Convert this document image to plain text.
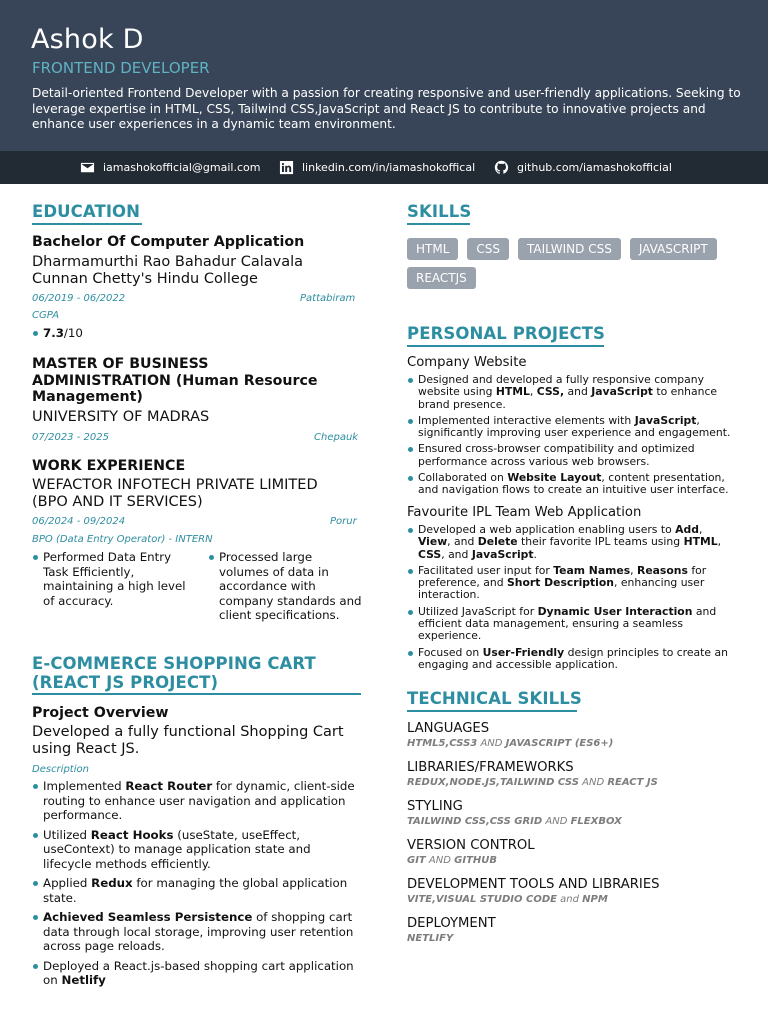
Ashok D
FRONTEND DEVELOPER
Detail-oriented Frontend Developer with a passion for creating responsive and user-friendly applications. Seeking to leverage expertise in HTML, CSS, Tailwind CSS,JavaScript and React JS to contribute to innovative projects and enhance user experiences in a dynamic team environment.
iamashokofficial@gmail.com	linkedin.com/in/iamashokoffical	github.com/iamashokofficial
EDUCATION
Bachelor Of Computer Application
Dharmamurthi Rao Bahadur Calavala
Cunnan Chetty's Hindu College
06/2019 - 06/2022	Pattabiram
CGPA
7.3/10
MASTER OF BUSINESS
ADMINISTRATION (Human Resource
Management)
UNIVERSITY OF MADRAS
07/2023 - 2025	Chepauk
WORK EXPERIENCE
WEFACTOR INFOTECH PRIVATE LIMITED
(BPO AND IT SERVICES)
06/2024 - 09/2024	Porur
BPO (Data Entry Operator) - INTERN
Performed Data Entry
Task Efficiently,
maintaining a high level
of accuracy.
Processed large
volumes of data in
accordance with
company standards and
client specifications.
E-COMMERCE SHOPPING CART
(REACT JS PROJECT)
Project Overview
Developed a fully functional Shopping Cart
using React JS.
Description
Implemented React Router for dynamic, client-side routing to enhance user navigation and application performance.
Utilized React Hooks (useState, useEffect, useContext) to manage application state and lifecycle methods efficiently.
Applied Redux for managing the global application state.
Achieved Seamless Persistence of shopping cart data through local storage, improving user retention across page reloads.
Deployed a React.js-based shopping cart application on Netlify
SKILLS
HTML	CSS	TAILWIND CSS	JAVASCRIPT
REACTJS
PERSONAL PROJECTS
Company Website
Designed and developed a fully responsive company website using HTML, CSS, and JavaScript to enhance brand presence.
Implemented interactive elements with JavaScript, significantly improving user experience and engagement.
Ensured cross-browser compatibility and optimized performance across various web browsers.
Collaborated on Website Layout, content presentation, and navigation flows to create an intuitive user interface.
Favourite IPL Team Web Application
Developed a web application enabling users to Add, View, and Delete their favorite IPL teams using HTML, CSS, and JavaScript.
Facilitated user input for Team Names, Reasons for preference, and Short Description, enhancing user interaction.
Utilized JavaScript for Dynamic User Interaction and efficient data management, ensuring a seamless experience.
Focused on User-Friendly design principles to create an engaging and accessible application.
TECHNICAL SKILLS
LANGUAGES
HTML5,CSS3 AND JAVASCRIPT (ES6+)
LIBRARIES/FRAMEWORKS
REDUX,NODE.JS,TAILWIND CSS AND REACT JS
STYLING
TAILWIND CSS,CSS GRID AND FLEXBOX
VERSION CONTROL
GIT AND GITHUB
DEVELOPMENT TOOLS AND LIBRARIES
VITE,VISUAL STUDIO CODE and NPM
DEPLOYMENT
NETLIFY
